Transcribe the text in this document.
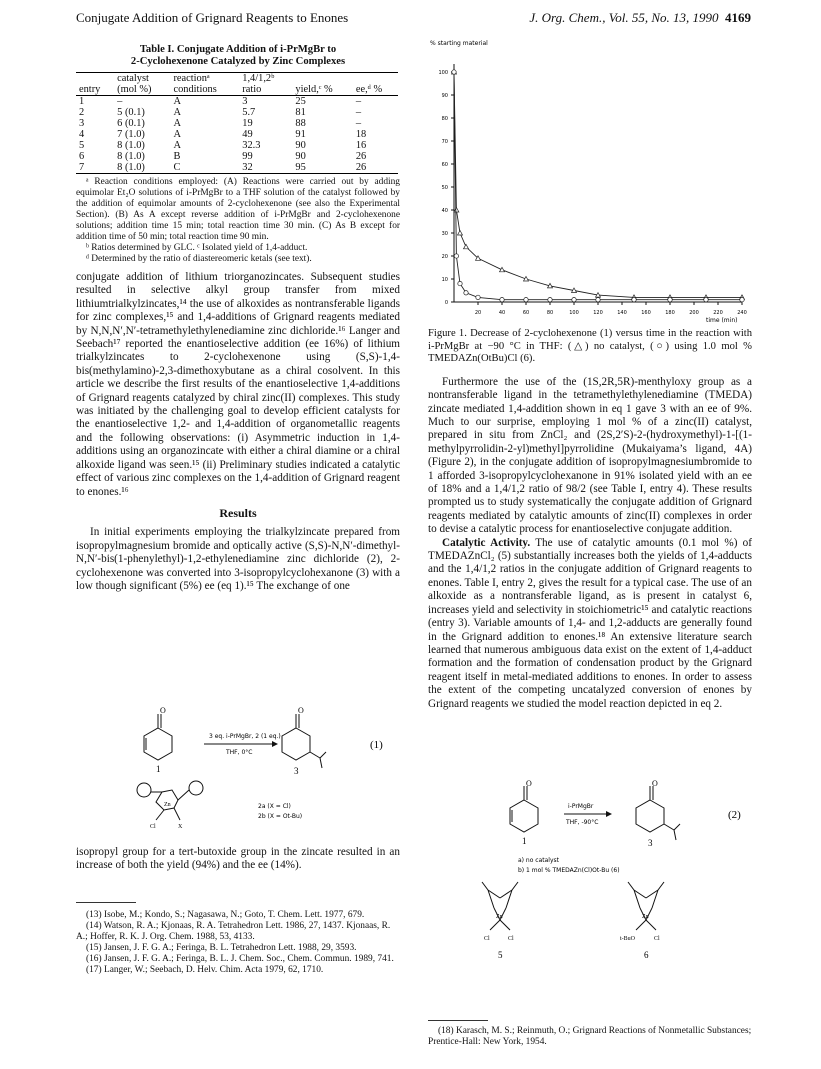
Conjugate Addition of Grignard Reagents to Enones	J. Org. Chem., Vol. 55, No. 13, 1990 4169
Table I. Conjugate Addition of i-PrMgBr to
2-Cyclohexenone Catalyzed by Zinc Complexes
	catalyst	reactionᵃ	1,4/1,2ᵇ		
entry	(mol %)	conditions	ratio	yield,ᶜ %	ee,ᵈ %
1	–	A	3	25	–
2	5 (0.1)	A	5.7	81	–
3	6 (0.1)	A	19	88	–
4	7 (1.0)	A	49	91	18
5	8 (1.0)	A	32.3	90	16
6	8 (1.0)	B	99	90	26
7	8 (1.0)	C	32	95	26

ᵃ Reaction conditions employed: (A) Reactions were carried out by adding equimolar Et₂O solutions of i-PrMgBr to a THF solution of the catalyst followed by the addition of equimolar amounts of 2-cyclohexenone (see also the Experimental Section). (B) As A except reverse addition of i-PrMgBr and 2-cyclohexenone solutions; addition time 15 min; total reaction time 30 min. (C) As B except for addition time of 50 min; total reaction time 90 min.

ᵇ Ratios determined by GLC. ᶜ Isolated yield of 1,4-adduct.

ᵈ Determined by the ratio of diastereomeric ketals (see text).

conjugate addition of lithium triorganozincates. Subsequent studies resulted in selective alkyl group transfer from mixed lithiumtrialkylzincates,¹⁴ the use of alkoxides as nontransferable ligands for zinc complexes,¹⁵ and 1,4-additions of Grignard reagents mediated by N,N,N′,N′-tetramethylethylenediamine zinc dichloride.¹⁶ Langer and Seebach¹⁷ reported the enantioselective addition (ee 16%) of lithium trialkylzincates to 2-cyclohexenone using (S,S)-1,4-bis(methylamino)-2,3-dimethoxybutane as a chiral cosolvent. In this article we describe the first results of the enantioselective 1,4-additions of Grignard reagents catalyzed by chiral zinc(II) complexes. This study was initiated by the challenging goal to develop efficient catalysts for the enantioselective 1,2- and 1,4-addition of organometallic reagents and the following observations: (i) Asymmetric induction in 1,4-additions using an organozincate with either a chiral diamine or a chiral alkoxide ligand was seen.¹⁵ (ii) Preliminary studies indicated a catalytic effect of various zinc complexes on the 1,4-addition of Grignard reagent to enones.¹⁶

Results

In initial experiments employing the trialkylzincate prepared from isopropylmagnesium bromide and optically active (S,S)-N,N′-dimethyl-N,N′-bis(1-phenylethyl)-1,2-ethylenediamine zinc dichloride (2), 2-cyclohexenone was converted into 3-isopropylcyclohexanone (3) with a low though significant (5%) ee (eq 1).¹⁵ The exchange of one

O
1
3 eq. i-PrMgBr, 2 (1 eq.)
THF, 0°C
O
3
(1)
Zn
Cl	X
2a (X = Cl)
2b (X = Ot-Bu)

isopropyl group for a tert-butoxide group in the zincate resulted in an increase of both the yield (94%) and the ee (14%).

(13) Isobe, M.; Kondo, S.; Nagasawa, N.; Goto, T. Chem. Lett. 1977, 679.

(14) Watson, R. A.; Kjonaas, R. A. Tetrahedron Lett. 1986, 27, 1437. Kjonaas, R. A.; Hoffer, R. K. J. Org. Chem. 1988, 53, 4133.

(15) Jansen, J. F. G. A.; Feringa, B. L. Tetrahedron Lett. 1988, 29, 3593.

(16) Jansen, J. F. G. A.; Feringa, B. L. J. Chem. Soc., Chem. Commun. 1989, 741.

(17) Langer, W.; Seebach, D. Helv. Chim. Acta 1979, 62, 1710.

% starting material
time (min)
0
10
20
30
40
50
60
70
80
90
100
20	40	60	80	100	120	140	160	180	200	220	240

Figure 1. Decrease of 2-cyclohexenone (1) versus time in the reaction with i-PrMgBr at −90 °C in THF: (△) no catalyst, (○) using 1.0 mol % TMEDAZn(OtBu)Cl (6).

Furthermore the use of the (1S,2R,5R)-menthyloxy group as a nontransferable ligand in the tetramethylethylenediamine (TMEDA) zincate mediated 1,4-addition shown in eq 1 gave 3 with an ee of 9%. Much to our surprise, employing 1 mol % of a zinc(II) catalyst, prepared in situ from ZnCl₂ and (2S,2′S)-2-(hydroxymethyl)-1-[(1-methylpyrrolidin-2-yl)methyl]pyrrolidine (Mukaiyama’s ligand, 4A) (Figure 2), in the conjugate addition of isopropylmagnesiumbromide to 1 afforded 3-isopropylcyclohexanone in 91% isolated yield with an ee of 18% and a 1,4/1,2 ratio of 98/2 (see Table I, entry 4). These results prompted us to study systematically the conjugate addition of Grignard reagents mediated by catalytic amounts of zinc(II) complexes in order to devise a catalytic process for enantioselective conjugate addition.

Catalytic Activity. The use of catalytic amounts (0.1 mol %) of TMEDAZnCl₂ (5) substantially increases both the yields of 1,4-adducts and the 1,4/1,2 ratios in the conjugate addition of Grignard reagents to enones. Table I, entry 2, gives the result for a typical case. The use of an alkoxide as a nontransferable ligand, as is present in catalyst 6, increases yield and selectivity in stoichiometric¹⁵ and catalytic reactions (entry 3). Variable amounts of 1,4- and 1,2-adducts are generally found in the Grignard addition to enones.¹⁸ An extensive literature search learned that numerous ambiguous data exist on the extent of 1,4-adduct formation and the formation of condensation product by the Grignard reagent itself in metal-mediated additions to enones. In order to assess the extent of the competing uncatalyzed conversion of enones by Grignard reagents we studied the model reaction depicted in eq 2.

O
1
i-PrMgBr
THF, -90°C
O
3
(2)
a) no catalyst
b) 1 mol % TMEDAZn(Cl)Ot-Bu (6)
Zn
Cl	Cl
5
Zn
t-BuO	Cl
6

(18) Karasch, M. S.; Reinmuth, O.; Grignard Reactions of Nonmetallic Substances; Prentice-Hall: New York, 1954.
